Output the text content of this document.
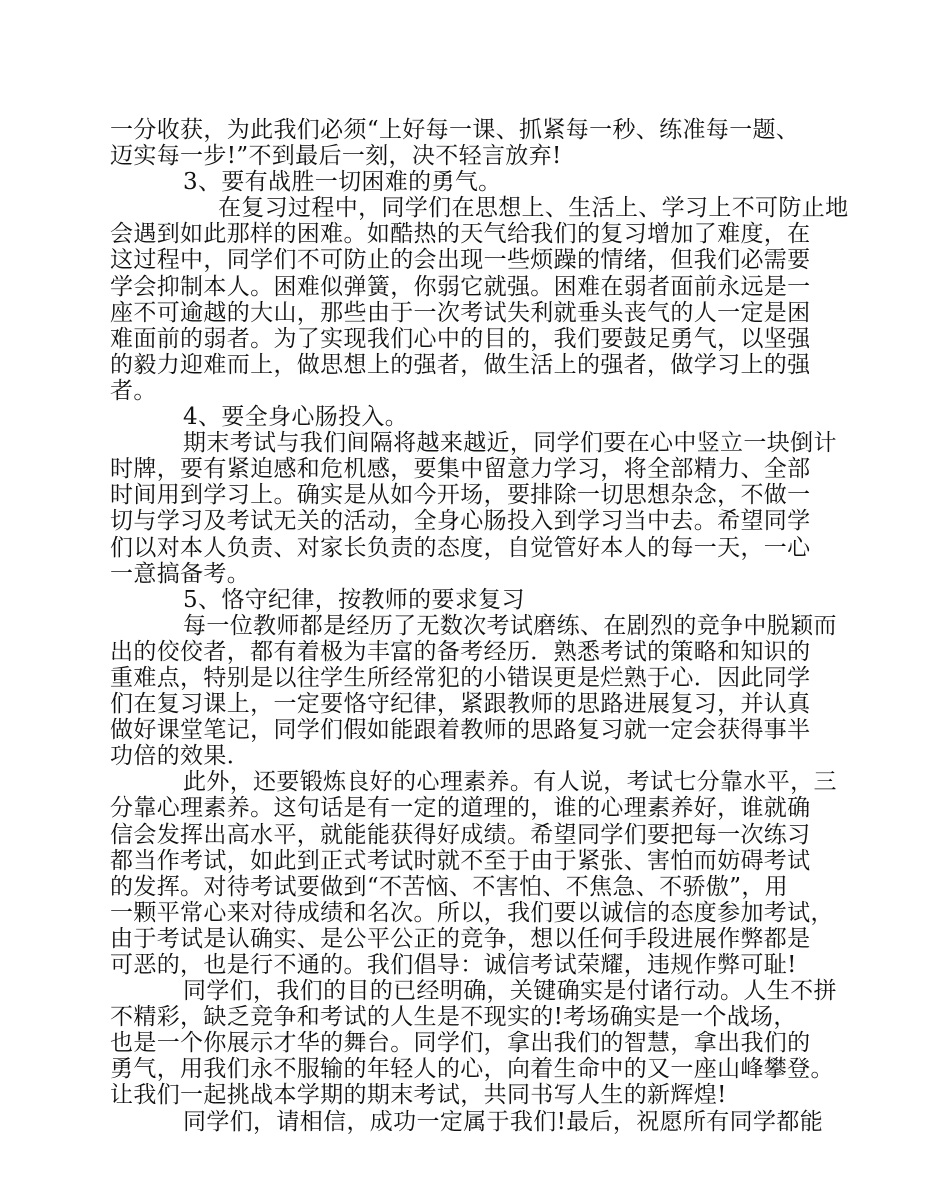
一分收获，为此我们必须“上好每一课、抓紧每一秒、练准每一题、
迈实每一步!”不到最后一刻，决不轻言放弃!
3、要有战胜一切困难的勇气。
在复习过程中，同学们在思想上、生活上、学习上不可防止地
会遇到如此那样的困难。如酷热的天气给我们的复习增加了难度，在
这过程中，同学们不可防止的会出现一些烦躁的情绪，但我们必需要
学会抑制本人。困难似弹簧，你弱它就强。困难在弱者面前永远是一
座不可逾越的大山，那些由于一次考试失利就垂头丧气的人一定是困
难面前的弱者。为了实现我们心中的目的，我们要鼓足勇气，以坚强
的毅力迎难而上，做思想上的强者，做生活上的强者，做学习上的强
者。
4、要全身心肠投入。
期末考试与我们间隔将越来越近，同学们要在心中竖立一块倒计
时牌，要有紧迫感和危机感，要集中留意力学习，将全部精力、全部
时间用到学习上。确实是从如今开场，要排除一切思想杂念，不做一
切与学习及考试无关的活动，全身心肠投入到学习当中去。希望同学
们以对本人负责、对家长负责的态度，自觉管好本人的每一天，一心
一意搞备考。
5、恪守纪律，按教师的要求复习
每一位教师都是经历了无数次考试磨练、在剧烈的竞争中脱颖而
出的佼佼者，都有着极为丰富的备考经历．熟悉考试的策略和知识的
重难点，特别是以往学生所经常犯的小错误更是烂熟于心．因此同学
们在复习课上，一定要恪守纪律，紧跟教师的思路进展复习，并认真
做好课堂笔记，同学们假如能跟着教师的思路复习就一定会获得事半
功倍的效果．
此外，还要锻炼良好的心理素养。有人说，考试七分靠水平，三
分靠心理素养。这句话是有一定的道理的，谁的心理素养好，谁就确
信会发挥出高水平，就能能获得好成绩。希望同学们要把每一次练习
都当作考试，如此到正式考试时就不至于由于紧张、害怕而妨碍考试
的发挥。对待考试要做到“不苦恼、不害怕、不焦急、不骄傲”，用
一颗平常心来对待成绩和名次。所以，我们要以诚信的态度参加考试，
由于考试是认确实、是公平公正的竞争，想以任何手段进展作弊都是
可恶的，也是行不通的。我们倡导：诚信考试荣耀，违规作弊可耻!
同学们，我们的目的已经明确，关键确实是付诸行动。人生不拼
不精彩，缺乏竞争和考试的人生是不现实的!考场确实是一个战场，
也是一个你展示才华的舞台。同学们，拿出我们的智慧，拿出我们的
勇气，用我们永不服输的年轻人的心，向着生命中的又一座山峰攀登。
让我们一起挑战本学期的期末考试，共同书写人生的新辉煌!
同学们，请相信，成功一定属于我们!最后，祝愿所有同学都能
